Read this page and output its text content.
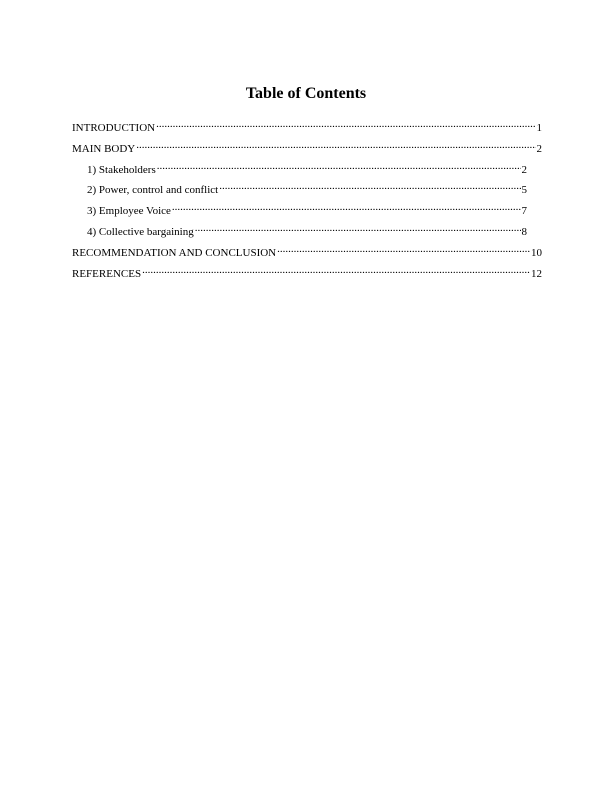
Table of Contents
INTRODUCTION .....	1
MAIN BODY .....	2
1) Stakeholders .....	2
2) Power, control and conflict .....	5
3) Employee Voice .....	7
4) Collective bargaining .....	8
RECOMMENDATION AND CONCLUSION .....	10
REFERENCES .....	12
